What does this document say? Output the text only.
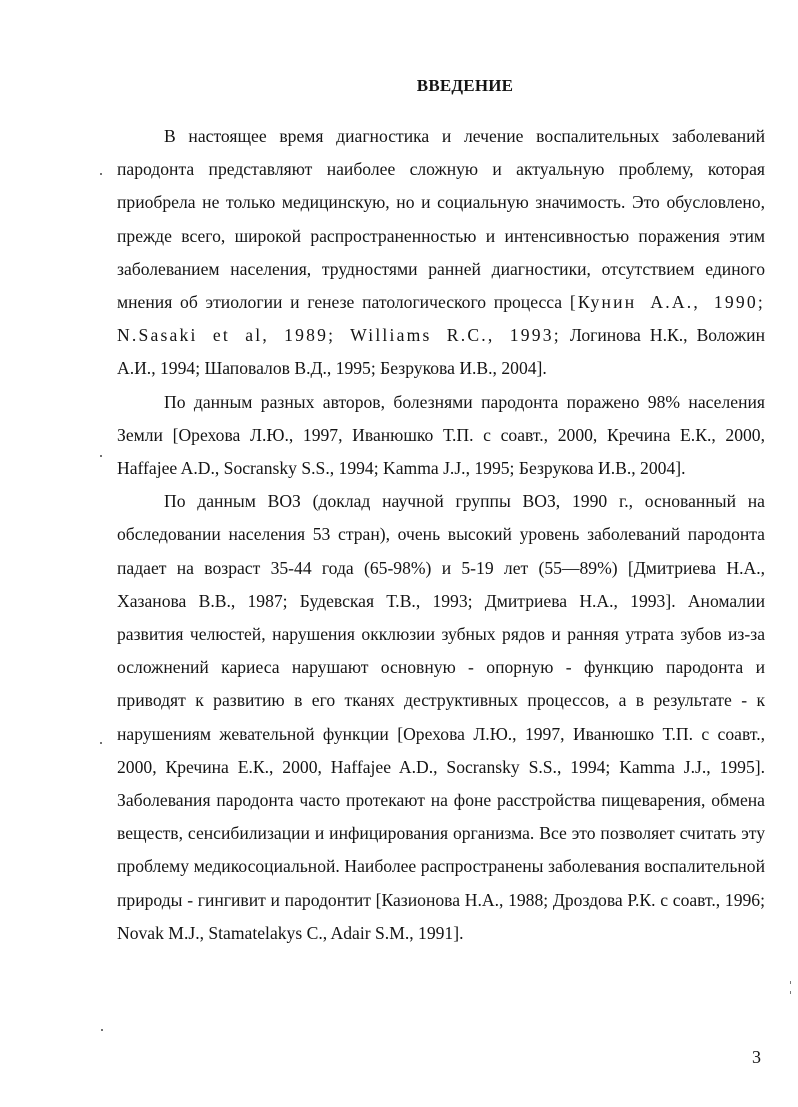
ВВЕДЕНИЕ

В настоящее время диагностика и лечение воспалительных заболеваний пародонта представляют наиболее сложную и актуальную проблему, которая приобрела не только медицинскую, но и социальную значимость. Это обусловлено, прежде всего, широкой распространенностью и интенсивностью поражения этим заболеванием населения, трудностями ранней диагностики, отсутствием единого мнения об этиологии и генезе патологического процесса [Кунин А.А., 1990; N.Sasaki et al, 1989; Williams R.C., 1993; Логинова Н.К., Воложин А.И., 1994; Шаповалов В.Д., 1995; Безрукова И.В., 2004].

По данным разных авторов, болезнями пародонта поражено 98% населения Земли [Орехова Л.Ю., 1997, Иванюшко Т.П. с соавт., 2000, Кречина Е.К., 2000, Haffajee A.D., Socransky S.S., 1994; Kamma J.J., 1995; Безрукова И.В., 2004].

По данным ВОЗ (доклад научной группы ВОЗ, 1990 г., основанный на обследовании населения 53 стран), очень высокий уровень заболеваний пародонта падает на возраст 35-44 года (65-98%) и 5-19 лет (55—89%) [Дмитриева Н.А., Хазанова В.В., 1987; Будевская Т.В., 1993; Дмитриева Н.А., 1993]. Аномалии развития челюстей, нарушения окклюзии зубных рядов и ранняя утрата зубов из-за осложнений кариеса нарушают основную - опорную - функцию пародонта и приводят к развитию в его тканях деструктивных процессов, а в результате - к нарушениям жевательной функции [Орехова Л.Ю., 1997, Иванюшко Т.П. с соавт., 2000, Кречина Е.К., 2000, Haffajee A.D., Socransky S.S., 1994; Kamma J.J., 1995]. Заболевания пародонта часто протекают на фоне расстройства пищеварения, обмена веществ, сенсибилизации и инфицирования организма. Все это позволяет считать эту проблему медикосоциальной. Наиболее распространены заболевания воспалительной природы - гингивит и пародонтит [Казионова Н.А., 1988; Дроздова Р.К. с соавт., 1996; Novak M.J., Stamatelakys C., Adair S.M., 1991].

3
